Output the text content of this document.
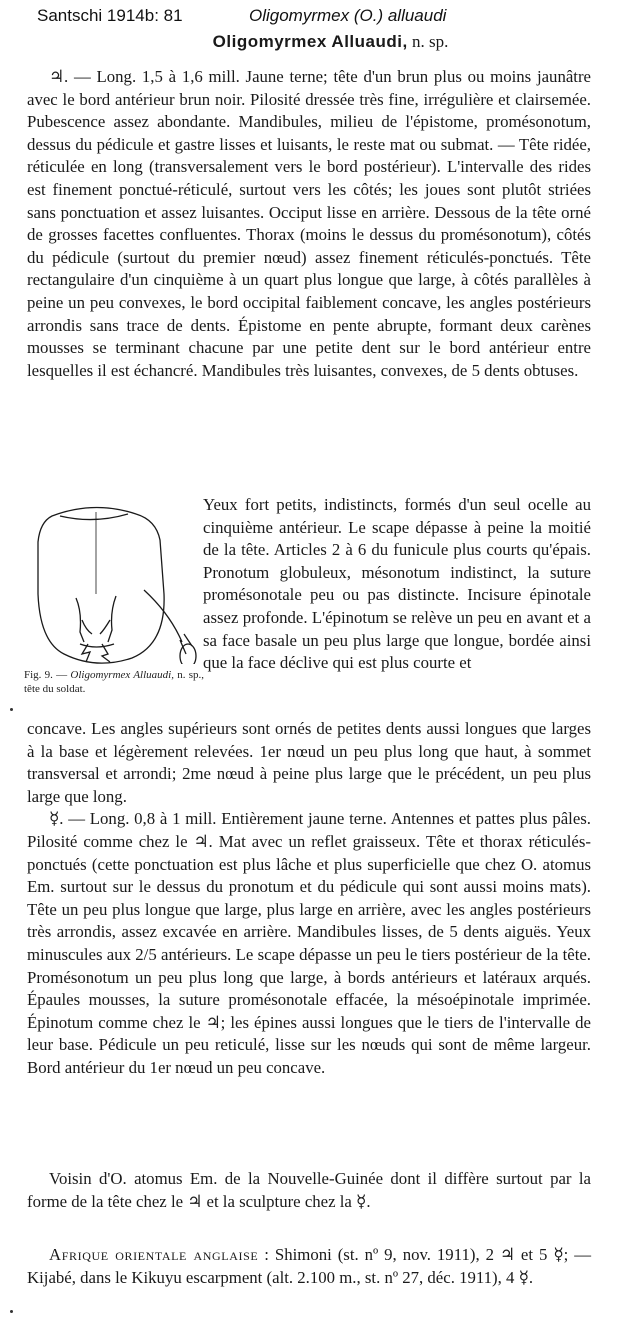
Santschi 1914b: 81	Oligomyrmex (O.) alluaudi
Oligomyrmex Alluaudi, n. sp.

♃. — Long. 1,5 à 1,6 mill. Jaune terne; tête d'un brun plus ou moins jaunâtre avec le bord antérieur brun noir. Pilosité dressée très fine, irrégulière et clairsemée. Pubescence assez abondante. Mandibules, milieu de l'épistome, promésonotum, dessus du pédicule et gastre lisses et luisants, le reste mat ou submat. — Tête ridée, réticulée en long (transversalement vers le bord postérieur). L'intervalle des rides est finement ponctué-réticulé, surtout vers les côtés; les joues sont plutôt striées sans ponctuation et assez luisantes. Occiput lisse en arrière. Dessous de la tête orné de grosses facettes confluentes. Thorax (moins le dessus du promésonotum), côtés du pédicule (surtout du premier nœud) assez finement réticulés-ponctués. Tête rectangulaire d'un cinquième à un quart plus longue que large, à côtés parallèles à peine un peu convexes, le bord occipital faiblement concave, les angles postérieurs arrondis sans trace de dents. Épistome en pente abrupte, formant deux carènes mousses se terminant chacune par une petite dent sur le bord antérieur entre lesquelles il est échancré. Mandibules très luisantes, convexes, de 5 dents obtuses.

Fig. 9. — Oligomyrmex Alluaudi, n. sp., tête du soldat.

Yeux fort petits, indistincts, formés d'un seul ocelle au cinquième antérieur. Le scape dépasse à peine la moitié de la tête. Articles 2 à 6 du funicule plus courts qu'épais. Pronotum globuleux, mésonotum indistinct, la suture promésonotale peu ou pas distincte. Incisure épinotale assez profonde. L'épinotum se relève un peu en avant et a sa face basale un peu plus large que longue, bordée ainsi que la face déclive qui est plus courte et

concave. Les angles supérieurs sont ornés de petites dents aussi longues que larges à la base et légèrement relevées. 1er nœud un peu plus long que haut, à sommet transversal et arrondi; 2me nœud à peine plus large que le précédent, un peu plus large que long.

☿. — Long. 0,8 à 1 mill. Entièrement jaune terne. Antennes et pattes plus pâles. Pilosité comme chez le ♃. Mat avec un reflet graisseux. Tête et thorax réticulés-ponctués (cette ponctuation est plus lâche et plus superficielle que chez O. atomus Em. surtout sur le dessus du pronotum et du pédicule qui sont aussi moins mats). Tête un peu plus longue que large, plus large en arrière, avec les angles postérieurs très arrondis, assez excavée en arrière. Mandibules lisses, de 5 dents aiguës. Yeux minuscules aux 2/5 antérieurs. Le scape dépasse un peu le tiers postérieur de la tête. Promésonotum un peu plus long que large, à bords antérieurs et latéraux arqués. Épaules mousses, la suture promésonotale effacée, la mésoépinotale imprimée. Épinotum comme chez le ♃; les épines aussi longues que le tiers de l'intervalle de leur base. Pédicule un peu reticulé, lisse sur les nœuds qui sont de même largeur. Bord antérieur du 1er nœud un peu concave.

Voisin d'O. atomus Em. de la Nouvelle-Guinée dont il diffère surtout par la forme de la tête chez le ♃ et la sculpture chez la ☿.

Afrique orientale anglaise : Shimoni (st. nº 9, nov. 1911), 2 ♃ et 5 ☿; — Kijabé, dans le Kikuyu escarpment (alt. 2.100 m., st. nº 27, déc. 1911), 4 ☿.
